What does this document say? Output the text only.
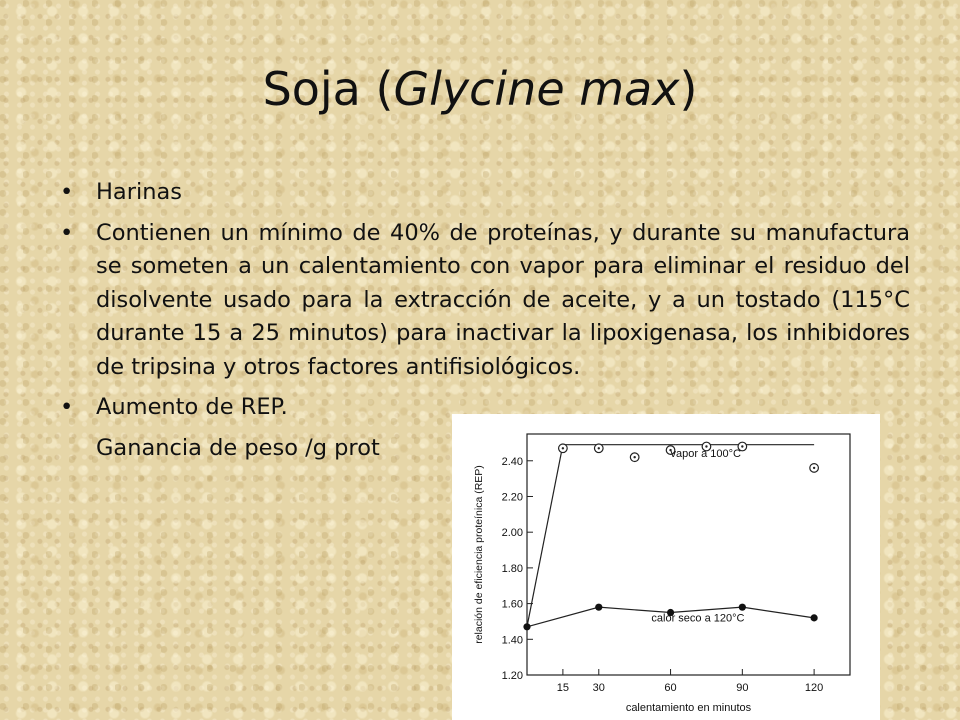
Soja (Glycine max)

• Harinas

• Contienen un mínimo de 40% de proteínas, y durante su manufactura se someten a un calentamiento con vapor para eliminar el residuo del disolvente usado para la extracción de aceite, y a un tostado (115°C durante 15 a 25 minutos) para inactivar la lipoxigenasa, los inhibidores de tripsina y otros factores antifisiológicos.

• Aumento de REP.

Ganancia de peso /g prot

1.20
1.40
1.60
1.80
2.00
2.20
2.40
15 30	60	90	120
calentamiento en minutos
relación de eficiencia proteínica (REP)
vapor a 100°C
calor seco a 120°C
